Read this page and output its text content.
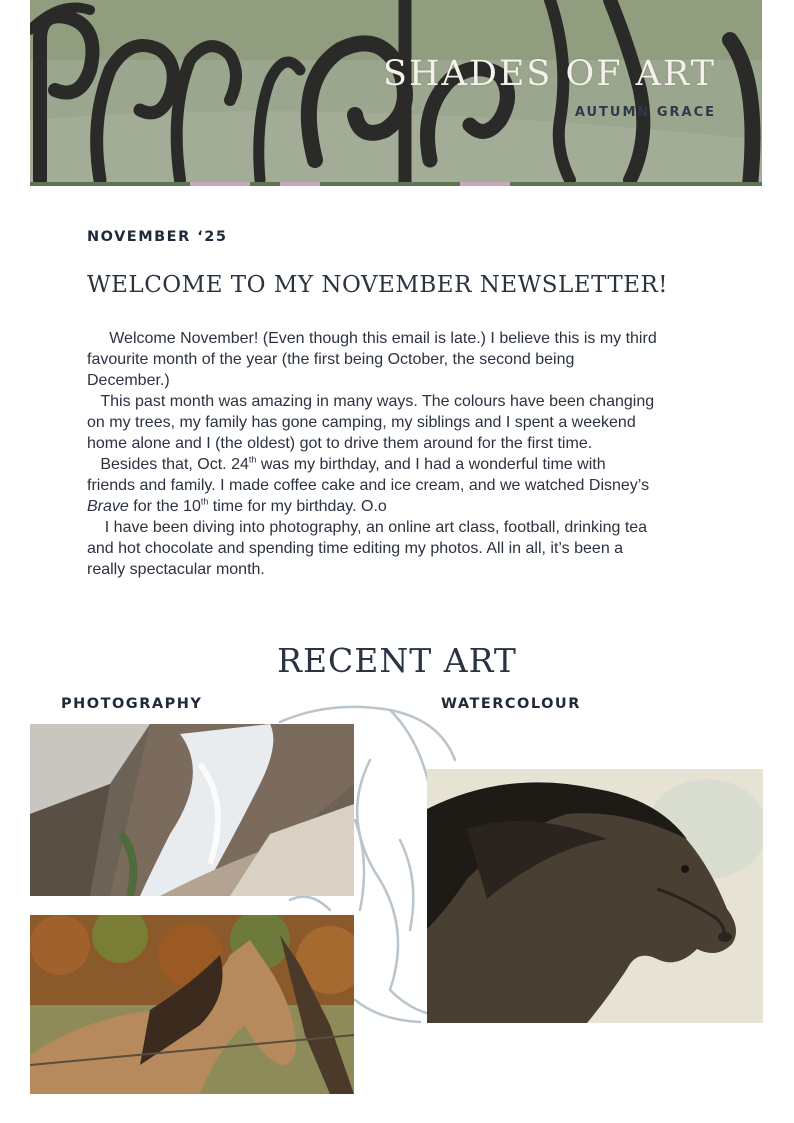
SHADES OF ART
AUTUMN GRACE
NOVEMBER ‘25
WELCOME TO MY NOVEMBER NEWSLETTER!

Welcome November! (Even though this email is late.) I believe this is my third favourite month of the year (the first being October, the second being December.)

This past month was amazing in many ways. The colours have been changing on my trees, my family has gone camping, my siblings and I spent a weekend home alone and I (the oldest) got to drive them around for the first time.

Besides that, Oct. 24th was my birthday, and I had a wonderful time with friends and family. I made coffee cake and ice cream, and we watched Disney’s Brave for the 10th time for my birthday. O.o

I have been diving into photography, an online art class, football, drinking tea and hot chocolate and spending time editing my photos. All in all, it’s been a really spectacular month.

RECENT ART
PHOTOGRAPHY	WATERCOLOUR
